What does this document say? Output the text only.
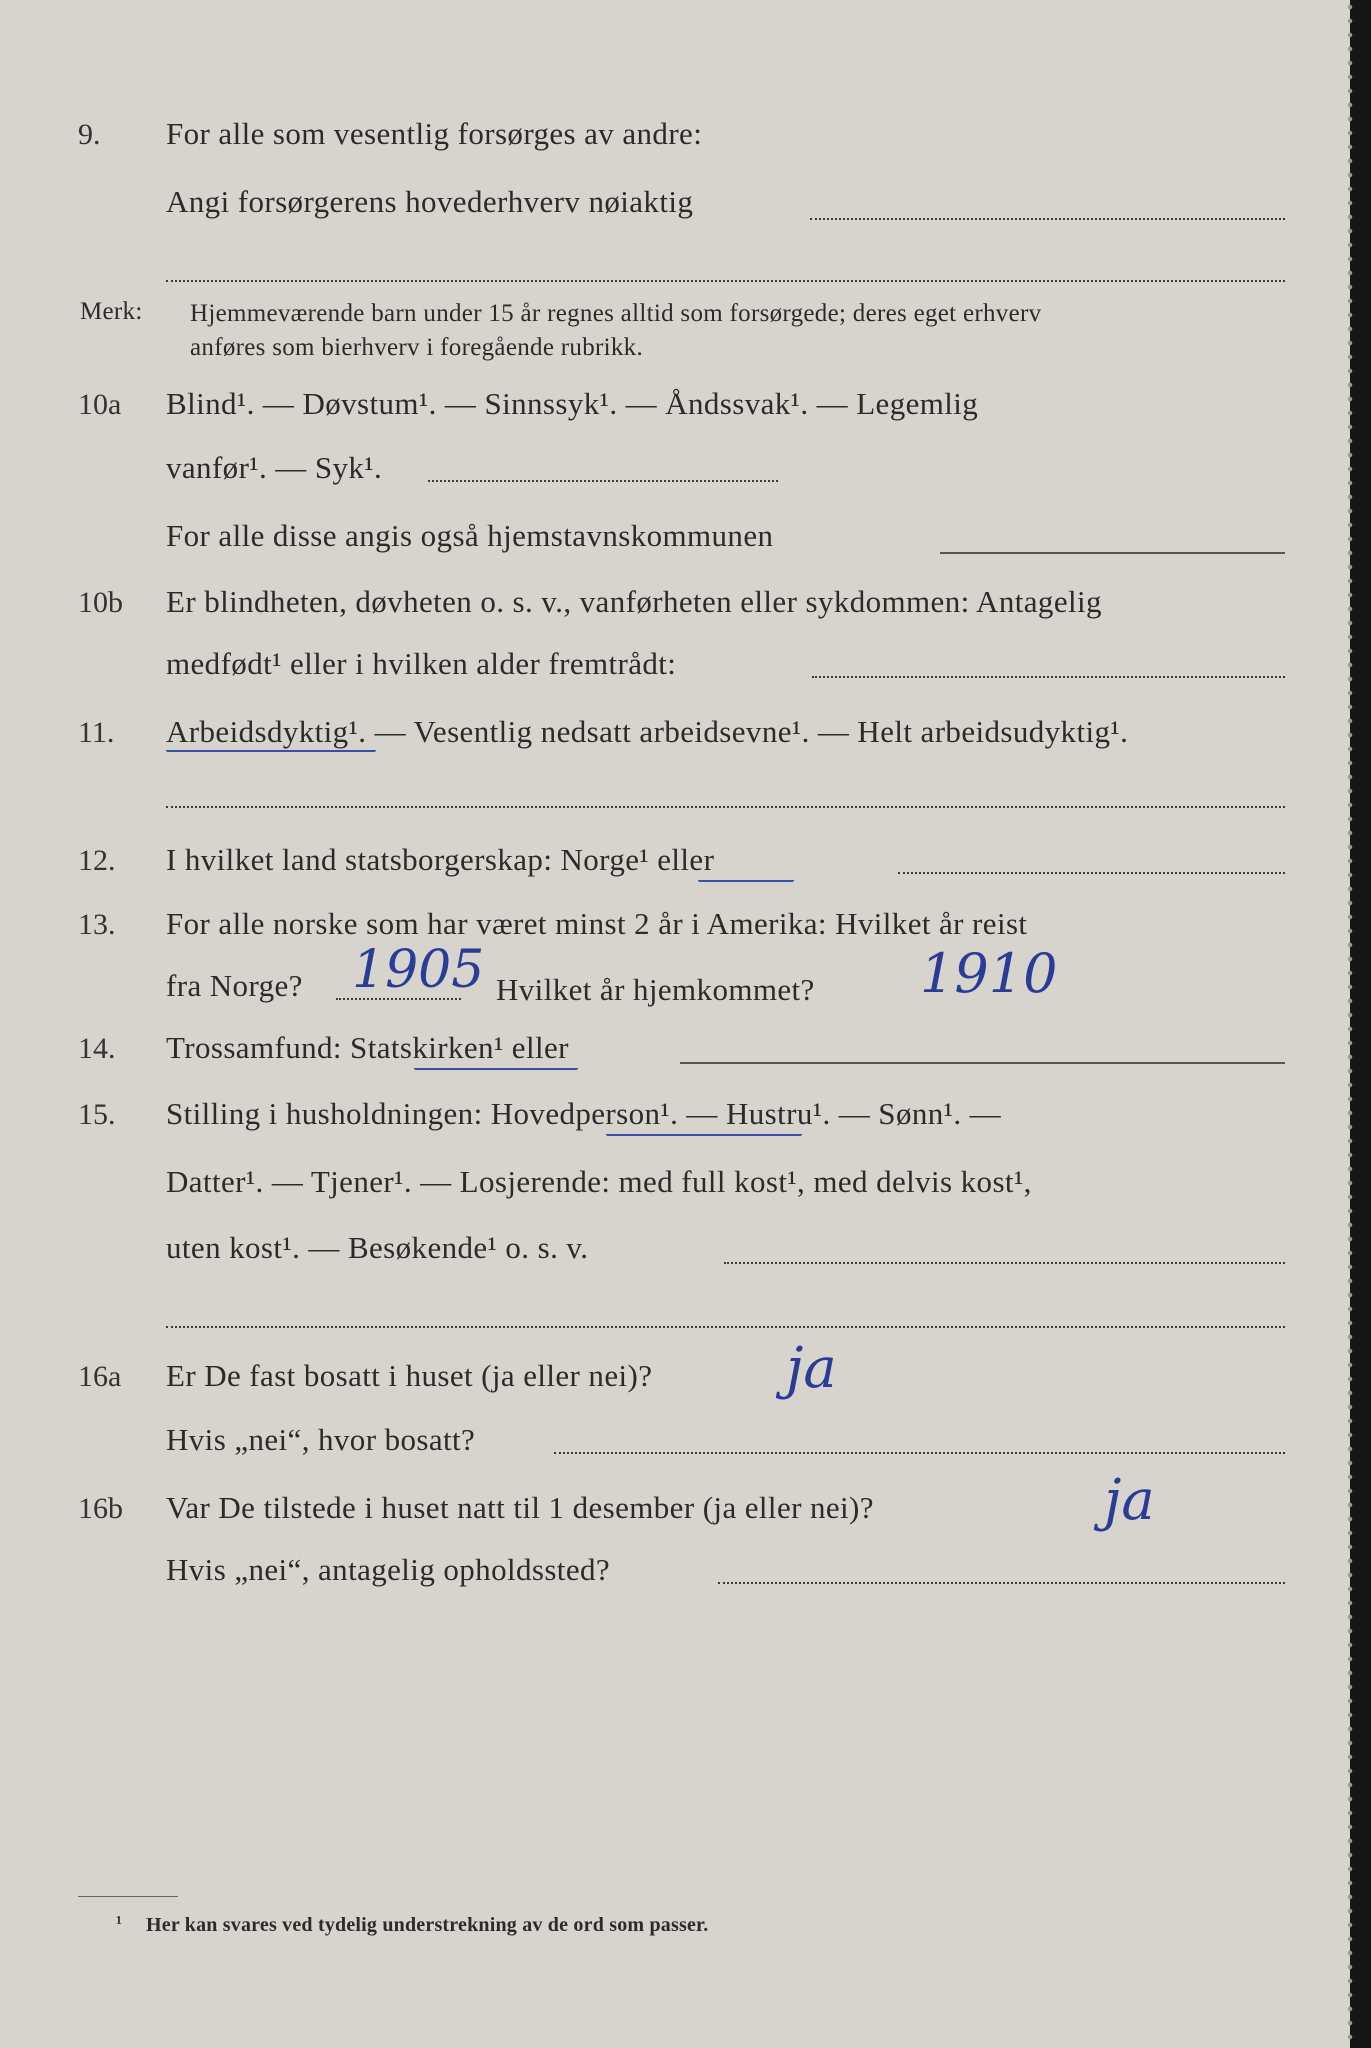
9. For alle som vesentlig forsørges av andre:
Angi forsørgerens hovederhverv nøiaktig
Merk: Hjemmeværende barn under 15 år regnes alltid som forsørgede; deres eget erhverv
anføres som bierhverv i foregående rubrikk.
10a Blind¹. — Døvstum¹. — Sinnssyk¹. — Åndssvak¹. — Legemlig
vanfør¹. — Syk¹.
For alle disse angis også hjemstavnskommunen
10b Er blindheten, døvheten o. s. v., vanførheten eller sykdommen: Antagelig
medfødt¹ eller i hvilken alder fremtrådt:
11. Arbeidsdyktig¹. — Vesentlig nedsatt arbeidsevne¹. — Helt arbeidsudyktig¹.
12. I hvilket land statsborgerskap: Norge¹ eller
13. For alle norske som har været minst 2 år i Amerika: Hvilket år reist
fra Norge? 1905 Hvilket år hjemkommet? 1910
14. Trossamfund: Statskirken¹ eller
15. Stilling i husholdningen: Hovedperson¹. — Hustru¹. — Sønn¹. —
Datter¹. — Tjener¹. — Losjerende: med full kost¹, med delvis kost¹,
uten kost¹. — Besøkende¹ o. s. v.
16a Er De fast bosatt i huset (ja eller nei)? ja
Hvis „nei“, hvor bosatt?
16b Var De tilstede i huset natt til 1 desember (ja eller nei)?	ja
Hvis „nei“, antagelig opholdssted?
¹ Her kan svares ved tydelig understrekning av de ord som passer.
